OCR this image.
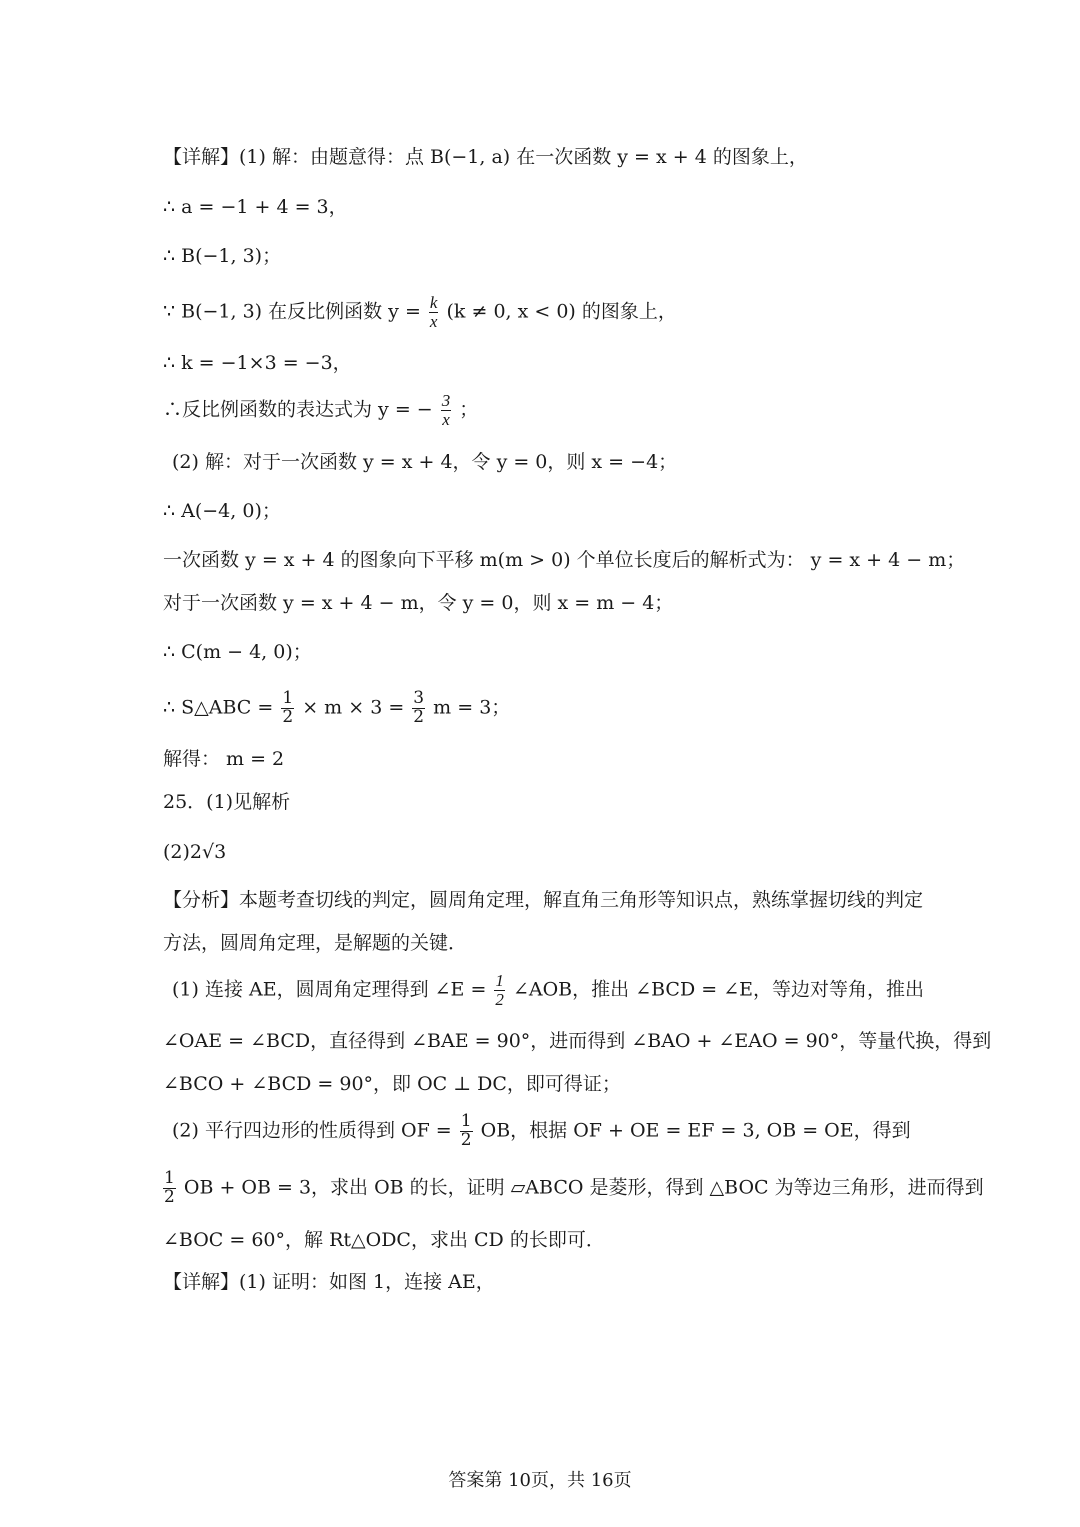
【详解】(1) 解：由题意得：点 B(−1, a) 在一次函数 y = x + 4 的图象上，
∴ a = −1 + 4 = 3，
∴ B(−1, 3)；
∵ B(−1, 3) 在反比例函数 $y = \frac{k}{x} (k \ne 0$, x < 0) 的图象上，
∴ k = −1×3 = −3，
∴反比例函数的表达式为 y = − $\frac{3}{x}$ ；
(2) 解：对于一次函数 y = x + 4，令 y = 0，则 x = −4；
∴ A(−4, 0)；
一次函数 y = x + 4 的图象向下平移 m(m > 0) 个单位长度后的解析式为： y = x + 4 − m；
对于一次函数 y = x + 4 − m，令 y = 0，则 x = m − 4；
∴ C(m − 4, 0)；
∴ S△ABC = $\frac{1}{2} \times m \times 3 = \frac{3}{2}$ m = 3；
解得： m = 2
25．(1)见解析
(2)2√3
【分析】本题考查切线的判定，圆周角定理，解直角三角形等知识点，熟练掌握切线的判定
方法，圆周角定理，是解题的关键．
(1) 连接 AE，圆周角定理得到 ∠E = $\frac{1}{2}$ ∠AOB，推出 ∠BCD = ∠E，等边对等角，推出
∠OAE = ∠BCD，直径得到 ∠BAE = 90°，进而得到 ∠BAO + ∠EAO = 90°，等量代换，得到
∠BCO + ∠BCD = 90°，即 OC ⊥ DC，即可得证；
(2) 平行四边形的性质得到 OF = $\frac{1}{2}$ OB，根据 OF + OE = EF = 3, OB = OE，得到
$\frac{1}{2}$ OB + OB = 3，求出 OB 的长，证明 ▱ABCO 是菱形，得到 △BOC 为等边三角形，进而得到
∠BOC = 60°，解 Rt△ODC，求出 CD 的长即可．
【详解】(1) 证明：如图 1，连接 AE，
答案第 10页，共 16页
